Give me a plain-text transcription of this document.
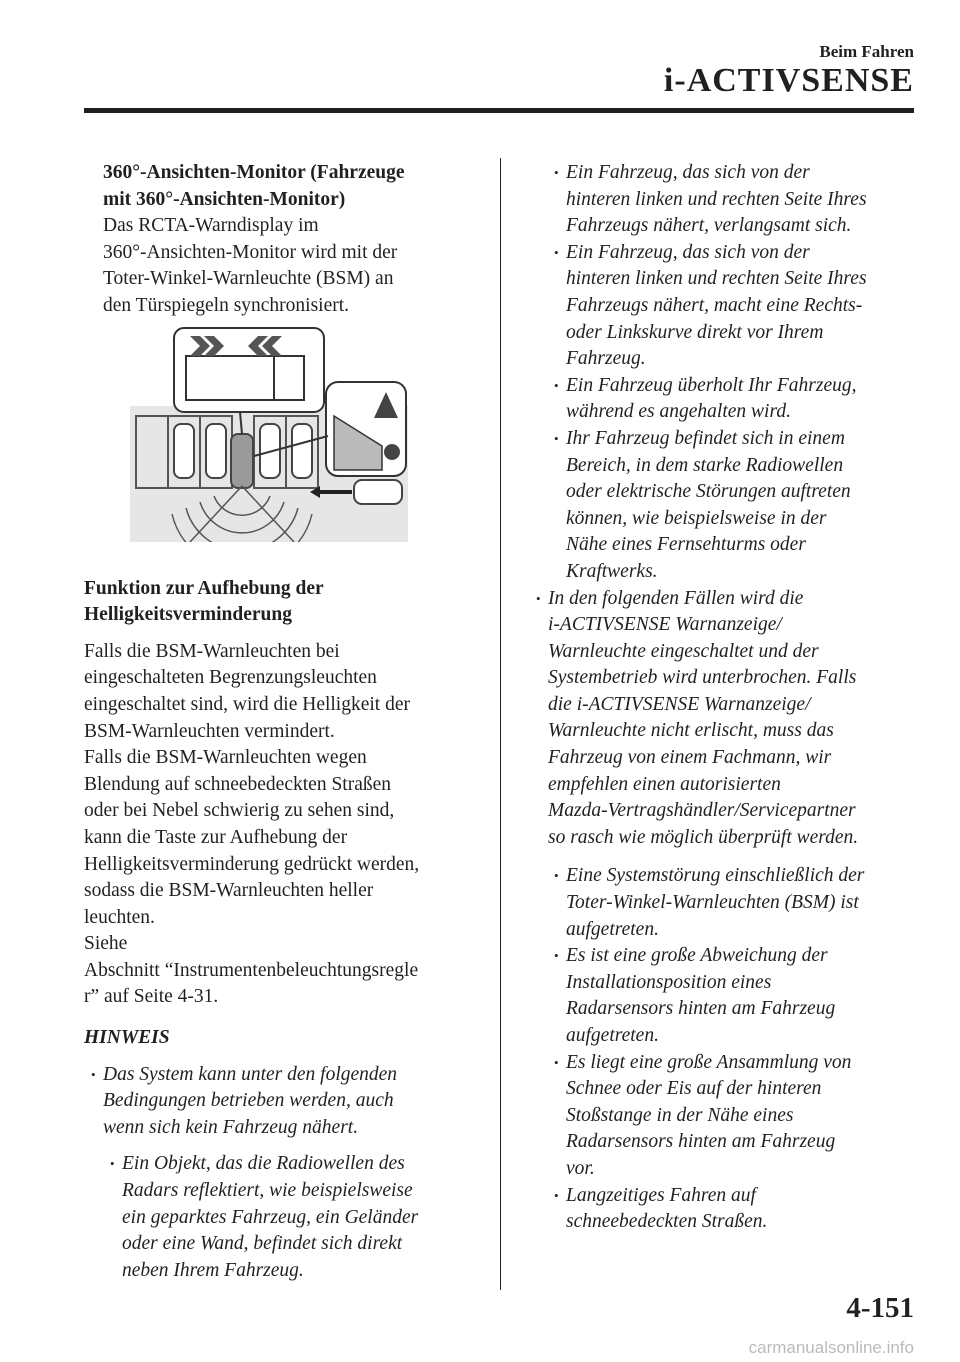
Beim Fahren
i-ACTIVSENSE

360°-Ansichten-Monitor (Fahrzeuge

mit 360°-Ansichten-Monitor)

Das RCTA-Warndisplay im

360°-Ansichten-Monitor wird mit der

Toter-Winkel-Warnleuchte (BSM) an

den Türspiegeln synchronisiert.

Funktion zur Aufhebung der

Helligkeitsverminderung

Falls die BSM-Warnleuchten bei

eingeschalteten Begrenzungsleuchten

eingeschaltet sind, wird die Helligkeit der

BSM-Warnleuchten vermindert.

Falls die BSM-Warnleuchten wegen

Blendung auf schneebedeckten Straßen

oder bei Nebel schwierig zu sehen sind,

kann die Taste zur Aufhebung der

Helligkeitsverminderung gedrückt werden,

sodass die BSM-Warnleuchten heller

leuchten.

Siehe

Abschnitt “Instrumentenbeleuchtungsregle

r” auf Seite 4-31.

HINWEIS

• Das System kann unter den folgenden

Bedingungen betrieben werden, auch

wenn sich kein Fahrzeug nähert.

• Ein Objekt, das die Radiowellen des

Radars reflektiert, wie beispielsweise

ein geparktes Fahrzeug, ein Geländer

oder eine Wand, befindet sich direkt

neben Ihrem Fahrzeug.

• Ein Fahrzeug, das sich von der

hinteren linken und rechten Seite Ihres

Fahrzeugs nähert, verlangsamt sich.

• Ein Fahrzeug, das sich von der

hinteren linken und rechten Seite Ihres

Fahrzeugs nähert, macht eine Rechts-

oder Linkskurve direkt vor Ihrem

Fahrzeug.

• Ein Fahrzeug überholt Ihr Fahrzeug,

während es angehalten wird.

• Ihr Fahrzeug befindet sich in einem

Bereich, in dem starke Radiowellen

oder elektrische Störungen auftreten

können, wie beispielsweise in der

Nähe eines Fernsehturms oder

Kraftwerks.

• In den folgenden Fällen wird die

i-ACTIVSENSE Warnanzeige/

Warnleuchte eingeschaltet und der

Systembetrieb wird unterbrochen. Falls

die i-ACTIVSENSE Warnanzeige/

Warnleuchte nicht erlischt, muss das

Fahrzeug von einem Fachmann, wir

empfehlen einen autorisierten

Mazda-Vertragshändler/Servicepartner

so rasch wie möglich überprüft werden.

• Eine Systemstörung einschließlich der

Toter-Winkel-Warnleuchten (BSM) ist

aufgetreten.

• Es ist eine große Abweichung der

Installationsposition eines

Radarsensors hinten am Fahrzeug

aufgetreten.

• Es liegt eine große Ansammlung von

Schnee oder Eis auf der hinteren

Stoßstange in der Nähe eines

Radarsensors hinten am Fahrzeug

vor.

• Langzeitiges Fahren auf

schneebedeckten Straßen.

4-151
carmanualsonline.info
